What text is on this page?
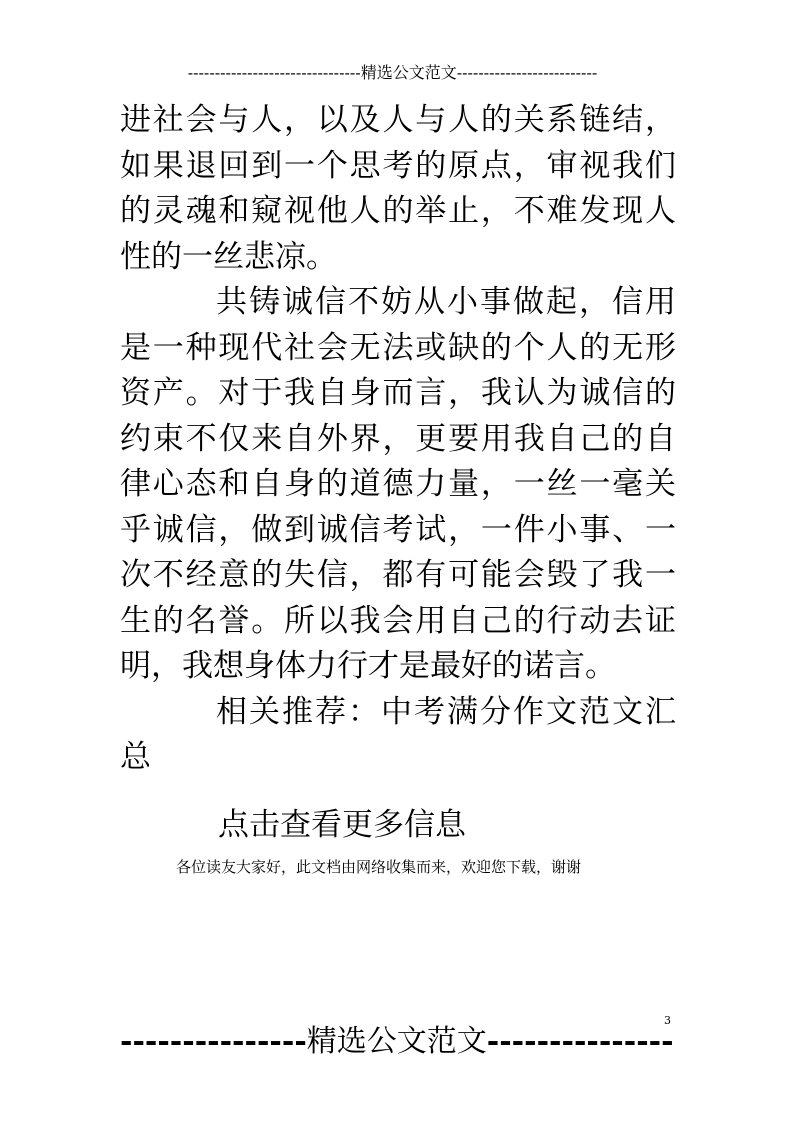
--------------------------------精选公文范文--------------------------

进社会与人，以及人与人的关系链结，如果退回到一个思考的原点，审视我们的灵魂和窥视他人的举止，不难发现人性的一丝悲凉。

共铸诚信不妨从小事做起，信用是一种现代社会无法或缺的个人的无形资产。对于我自身而言，我认为诚信的约束不仅来自外界，更要用我自己的自律心态和自身的道德力量，一丝一毫关乎诚信，做到诚信考试，一件小事、一次不经意的失信，都有可能会毁了我一生的名誉。所以我会用自己的行动去证明，我想身体力行才是最好的诺言。

相关推荐：中考满分作文范文汇总

点击查看更多信息
各位读友大家好，此文档由网络收集而来，欢迎您下载，谢谢
3
---------------精选公文范文---------------
